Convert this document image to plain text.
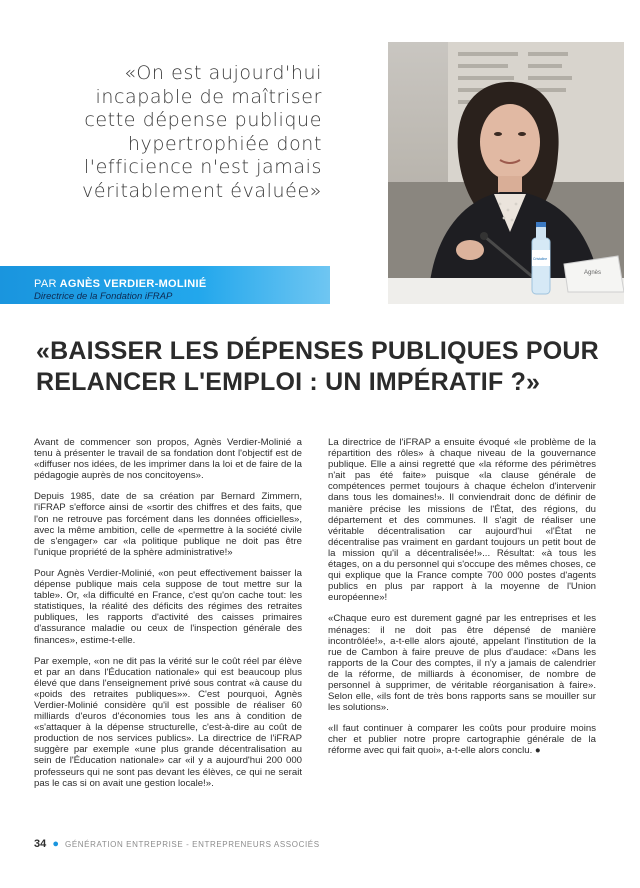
«On est aujourd'hui
incapable de maîtriser
cette dépense publique
hypertrophiée dont
l'efficience n'est jamais
véritablement évaluée»
Agnès
Cristaline
PAR AGNÈS VERDIER-MOLINIÉ
Directrice de la Fondation iFRAP
«BAISSER LES DÉPENSES PUBLIQUES POUR
RELANCER L'EMPLOI : UN IMPÉRATIF ?»

Avant de commencer son propos, Agnès Verdier-Molinié a tenu à présenter le travail de sa fondation dont l'objectif est de «diffuser nos idées, de les imprimer dans la loi et de faire de la pédagogie auprès de nos concitoyens».

Depuis 1985, date de sa création par Bernard Zimmern, l'iFRAP s'efforce ainsi de «sortir des chiffres et des faits, que l'on ne retrouve pas forcément dans les données officielles», avec la même ambition, celle de «permettre à la société civile de s'engager» car «la politique publique ne doit pas être l'unique propriété de la sphère administrative!»

Pour Agnès Verdier-Molinié, «on peut effectivement baisser la dépense publique mais cela suppose de tout mettre sur la table». Or, «la difficulté en France, c'est qu'on cache tout: les statistiques, la réalité des déficits des régimes des retraites publiques, les rapports d'activité des caisses primaires d'assurance maladie ou ceux de l'inspection générale des finances», estime-t-elle.

Par exemple, «on ne dit pas la vérité sur le coût réel par élève et par an dans l'Éducation nationale» qui est beaucoup plus élevé que dans l'enseignement privé sous contrat «à cause du «poids des retraites publiques»». C'est pourquoi, Agnès Verdier-Molinié considère qu'il est possible de réaliser 60 milliards d'euros d'économies tous les ans à condition de «s'attaquer à la dépense structurelle, c'est-à-dire au coût de production de nos services publics». La directrice de l'iFRAP suggère par exemple «une plus grande décentralisation au sein de l'Éducation nationale» car «il y a aujourd'hui 200 000 professeurs qui ne sont pas devant les élèves, ce qui ne serait pas le cas si on avait une gestion locale!».

La directrice de l'iFRAP a ensuite évoqué «le problème de la répartition des rôles» à chaque niveau de la gouvernance publique. Elle a ainsi regretté que «la réforme des périmètres n'ait pas été faite» puisque «la clause générale de compétences permet toujours à chaque échelon d'intervenir dans tous les domaines!». Il conviendrait donc de définir de manière précise les missions de l'État, des régions, du département et des communes. Il s'agit de réaliser une véritable décentralisation car aujourd'hui «l'État ne décentralise pas vraiment en gardant toujours un petit bout de la mission qu'il a décentralisée!»... Résultat: «à tous les étages, on a du personnel qui s'occupe des mêmes choses, ce qui explique que la France compte 700 000 postes d'agents publics en plus par rapport à la moyenne de l'Union européenne»!

«Chaque euro est durement gagné par les entreprises et les ménages: il ne doit pas être dépensé de manière incontrôlée!», a-t-elle alors ajouté, appelant l'institution de la rue de Cambon à faire preuve de plus d'audace: «Dans les rapports de la Cour des comptes, il n'y a jamais de calendrier de la réforme, de milliards à économiser, de nombre de personnel à supprimer, de véritable réorganisation à faire». Selon elle, «ils font de très bons rapports sans se mouiller sur les solutions».

«Il faut continuer à comparer les coûts pour produire moins cher et publier notre propre cartographie générale de la réforme avec qui fait quoi», a-t-elle alors conclu. ●

34 ● GÉNÉRATION ENTREPRISE - ENTREPRENEURS ASSOCIÉS
